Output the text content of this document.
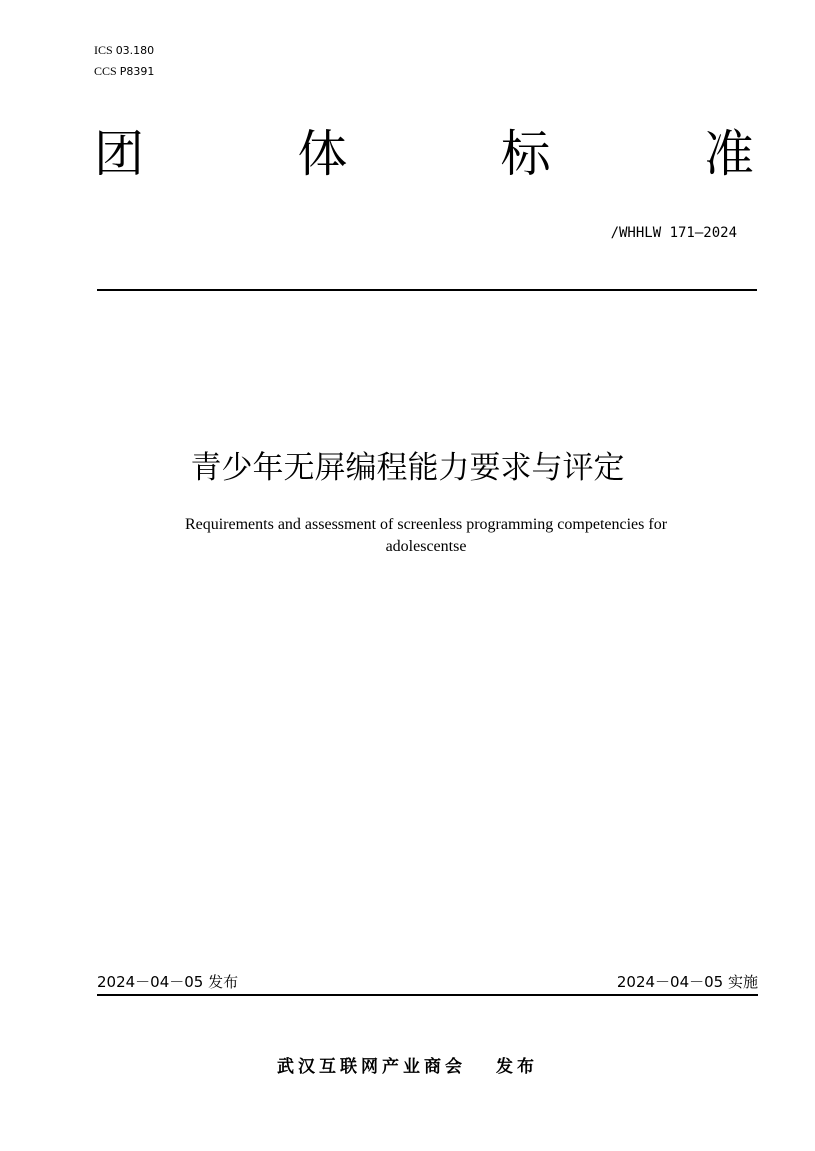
ICS 03.180
CCS P8391
团	体	标	准
/WHHLW 171—2024
青少年无屏编程能力要求与评定
Requirements and assessment of screenless programming competencies for
adolescentse
2024－04－05 发布	2024－04－05 实施
武汉互联网产业商会 发布
